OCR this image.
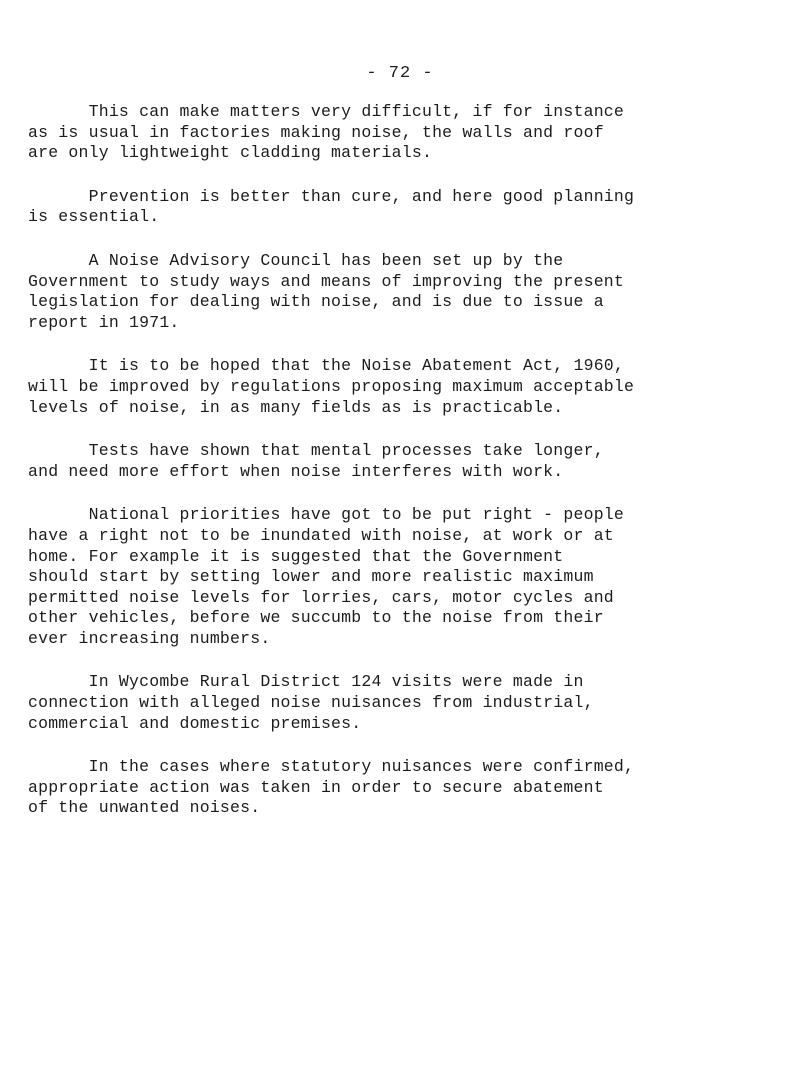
- 72 -

This can make matters very difficult, if for instance
as is usual in factories making noise, the walls and roof
are only lightweight cladding materials.

Prevention is better than cure, and here good planning
is essential.

A Noise Advisory Council has been set up by the
Government to study ways and means of improving the present
legislation for dealing with noise, and is due to issue a
report in 1971.

It is to be hoped that the Noise Abatement Act, 1960,
will be improved by regulations proposing maximum acceptable
levels of noise, in as many fields as is practicable.

Tests have shown that mental processes take longer,
and need more effort when noise interferes with work.

National priorities have got to be put right - people
have a right not to be inundated with noise, at work or at
home. For example it is suggested that the Government
should start by setting lower and more realistic maximum
permitted noise levels for lorries, cars, motor cycles and
other vehicles, before we succumb to the noise from their
ever increasing numbers.

In Wycombe Rural District 124 visits were made in
connection with alleged noise nuisances from industrial,
commercial and domestic premises.

In the cases where statutory nuisances were confirmed,
appropriate action was taken in order to secure abatement
of the unwanted noises.
